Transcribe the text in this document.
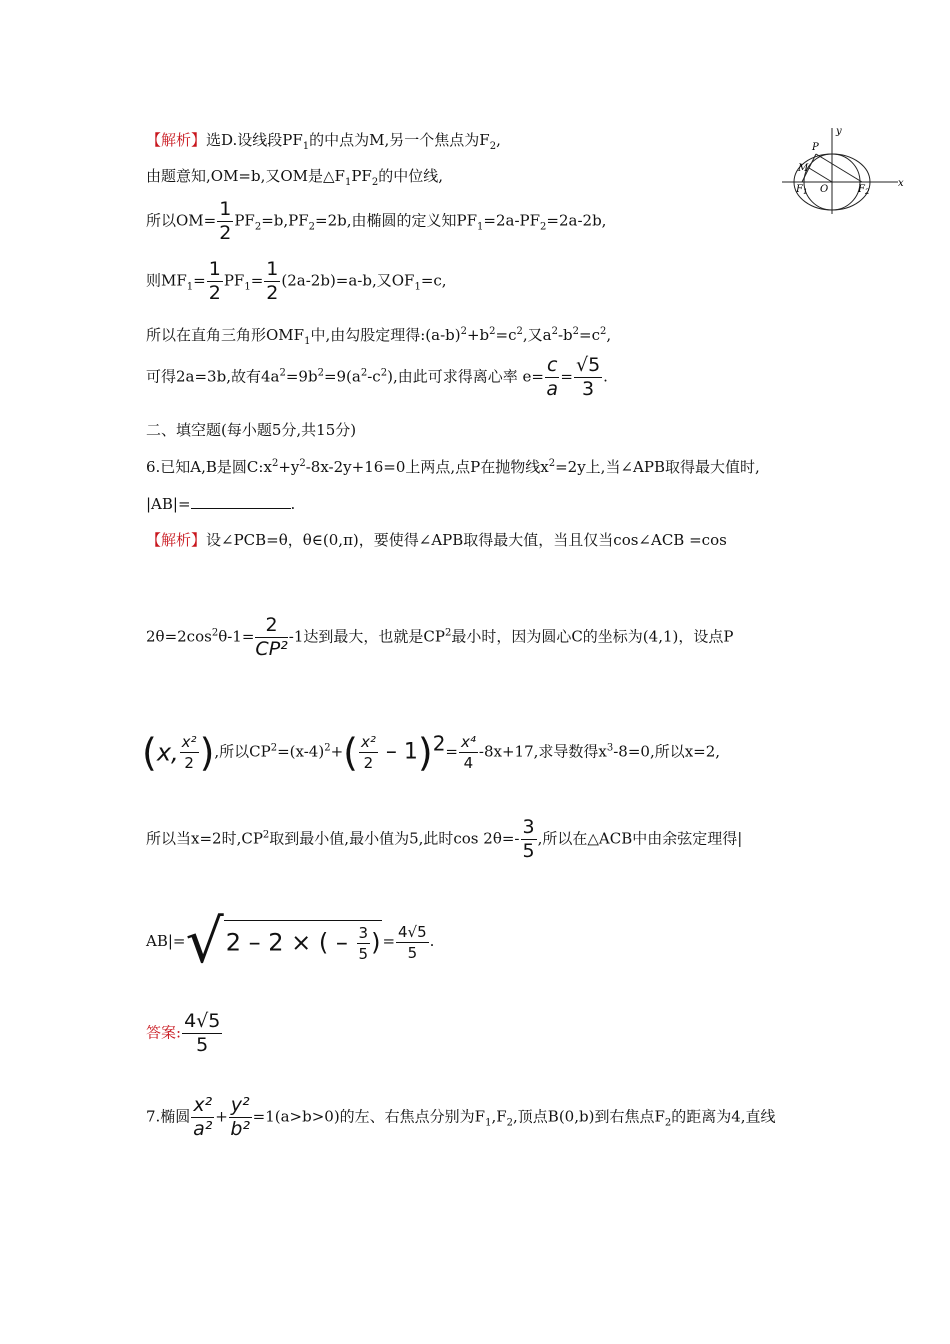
【解析】选D.设线段$PF_1$的中点为M,另一个焦点为$F_2$,
由题意知,OM=b,又OM是$\triangle F_1PF_2$的中位线,
所以$OM= \frac{1}{2} PF_2=b,PF_2=2b$,由椭圆的定义知$PF_1=2a-PF_2=2a-2b$,
则$MF_1= \frac{1}{2} PF_1= \frac{1}{2} (2a-2b)=a-b$,又$OF_1=c$,
所以在直角三角形$OMF_1$中,由勾股定理得$:(a-b)^2+b^2=c^2$,又$a^2-b^2=c^2$,
可得2a=3b,故有$4a^2=9b^2=9(a^2-c^2)$,由此可求得离心率 $e= \frac{c}{a} = \frac{√5}{3}$ .
y
x
P
M
O
$F_1$	$F_2$
二、填空题(每小题5分,共15分)
6.已知A,B是圆$C:x^2+y^2-8x-2y+16=0$上两点,点P在抛物线$x^2=2y$上,当∠APB取得最大值时,
|AB|=	.
【解析】设∠PCB=θ，θ∈(0,π)，要使得∠APB取得最大值，当且仅当cos∠ACB =cos
$2\theta=2\cos^2\theta-1= \frac{2}{\text{CP²}} -1$达到最大，也就是$CP^2$最小时，因为圆心C的坐标为(4,1)，设点P
(x, $\frac{\text{x²}}{2}$ ),所以$CP^2=(x-4)^2+( \frac{\text{x²}}{2} - 1)^2= \frac{\text{x⁴}}{4} -8x+17$,求导数得$x^3-8=0$,所以x=2,
所以当x=2时$,CP^2$取到最小值,最小值为5,此时$\cos 2\theta=- \frac{3}{5}$ ,所以在△ACB中由余弦定理得|
AB|=√2 – 2 × ( – $\frac{3}{5}$ ) = $\frac{4√5}{5}$ .
答案: $\frac{4√5}{5}$
7.椭圆 $\frac{\text{x²}}{\text{a²}} + \frac{\text{y²}}{\text{b²}} =1(a>b>0)$的左、右焦点分别为$F_1,F_2$,顶点B(0,b)到右焦点$F_2$的距离为4,直线
